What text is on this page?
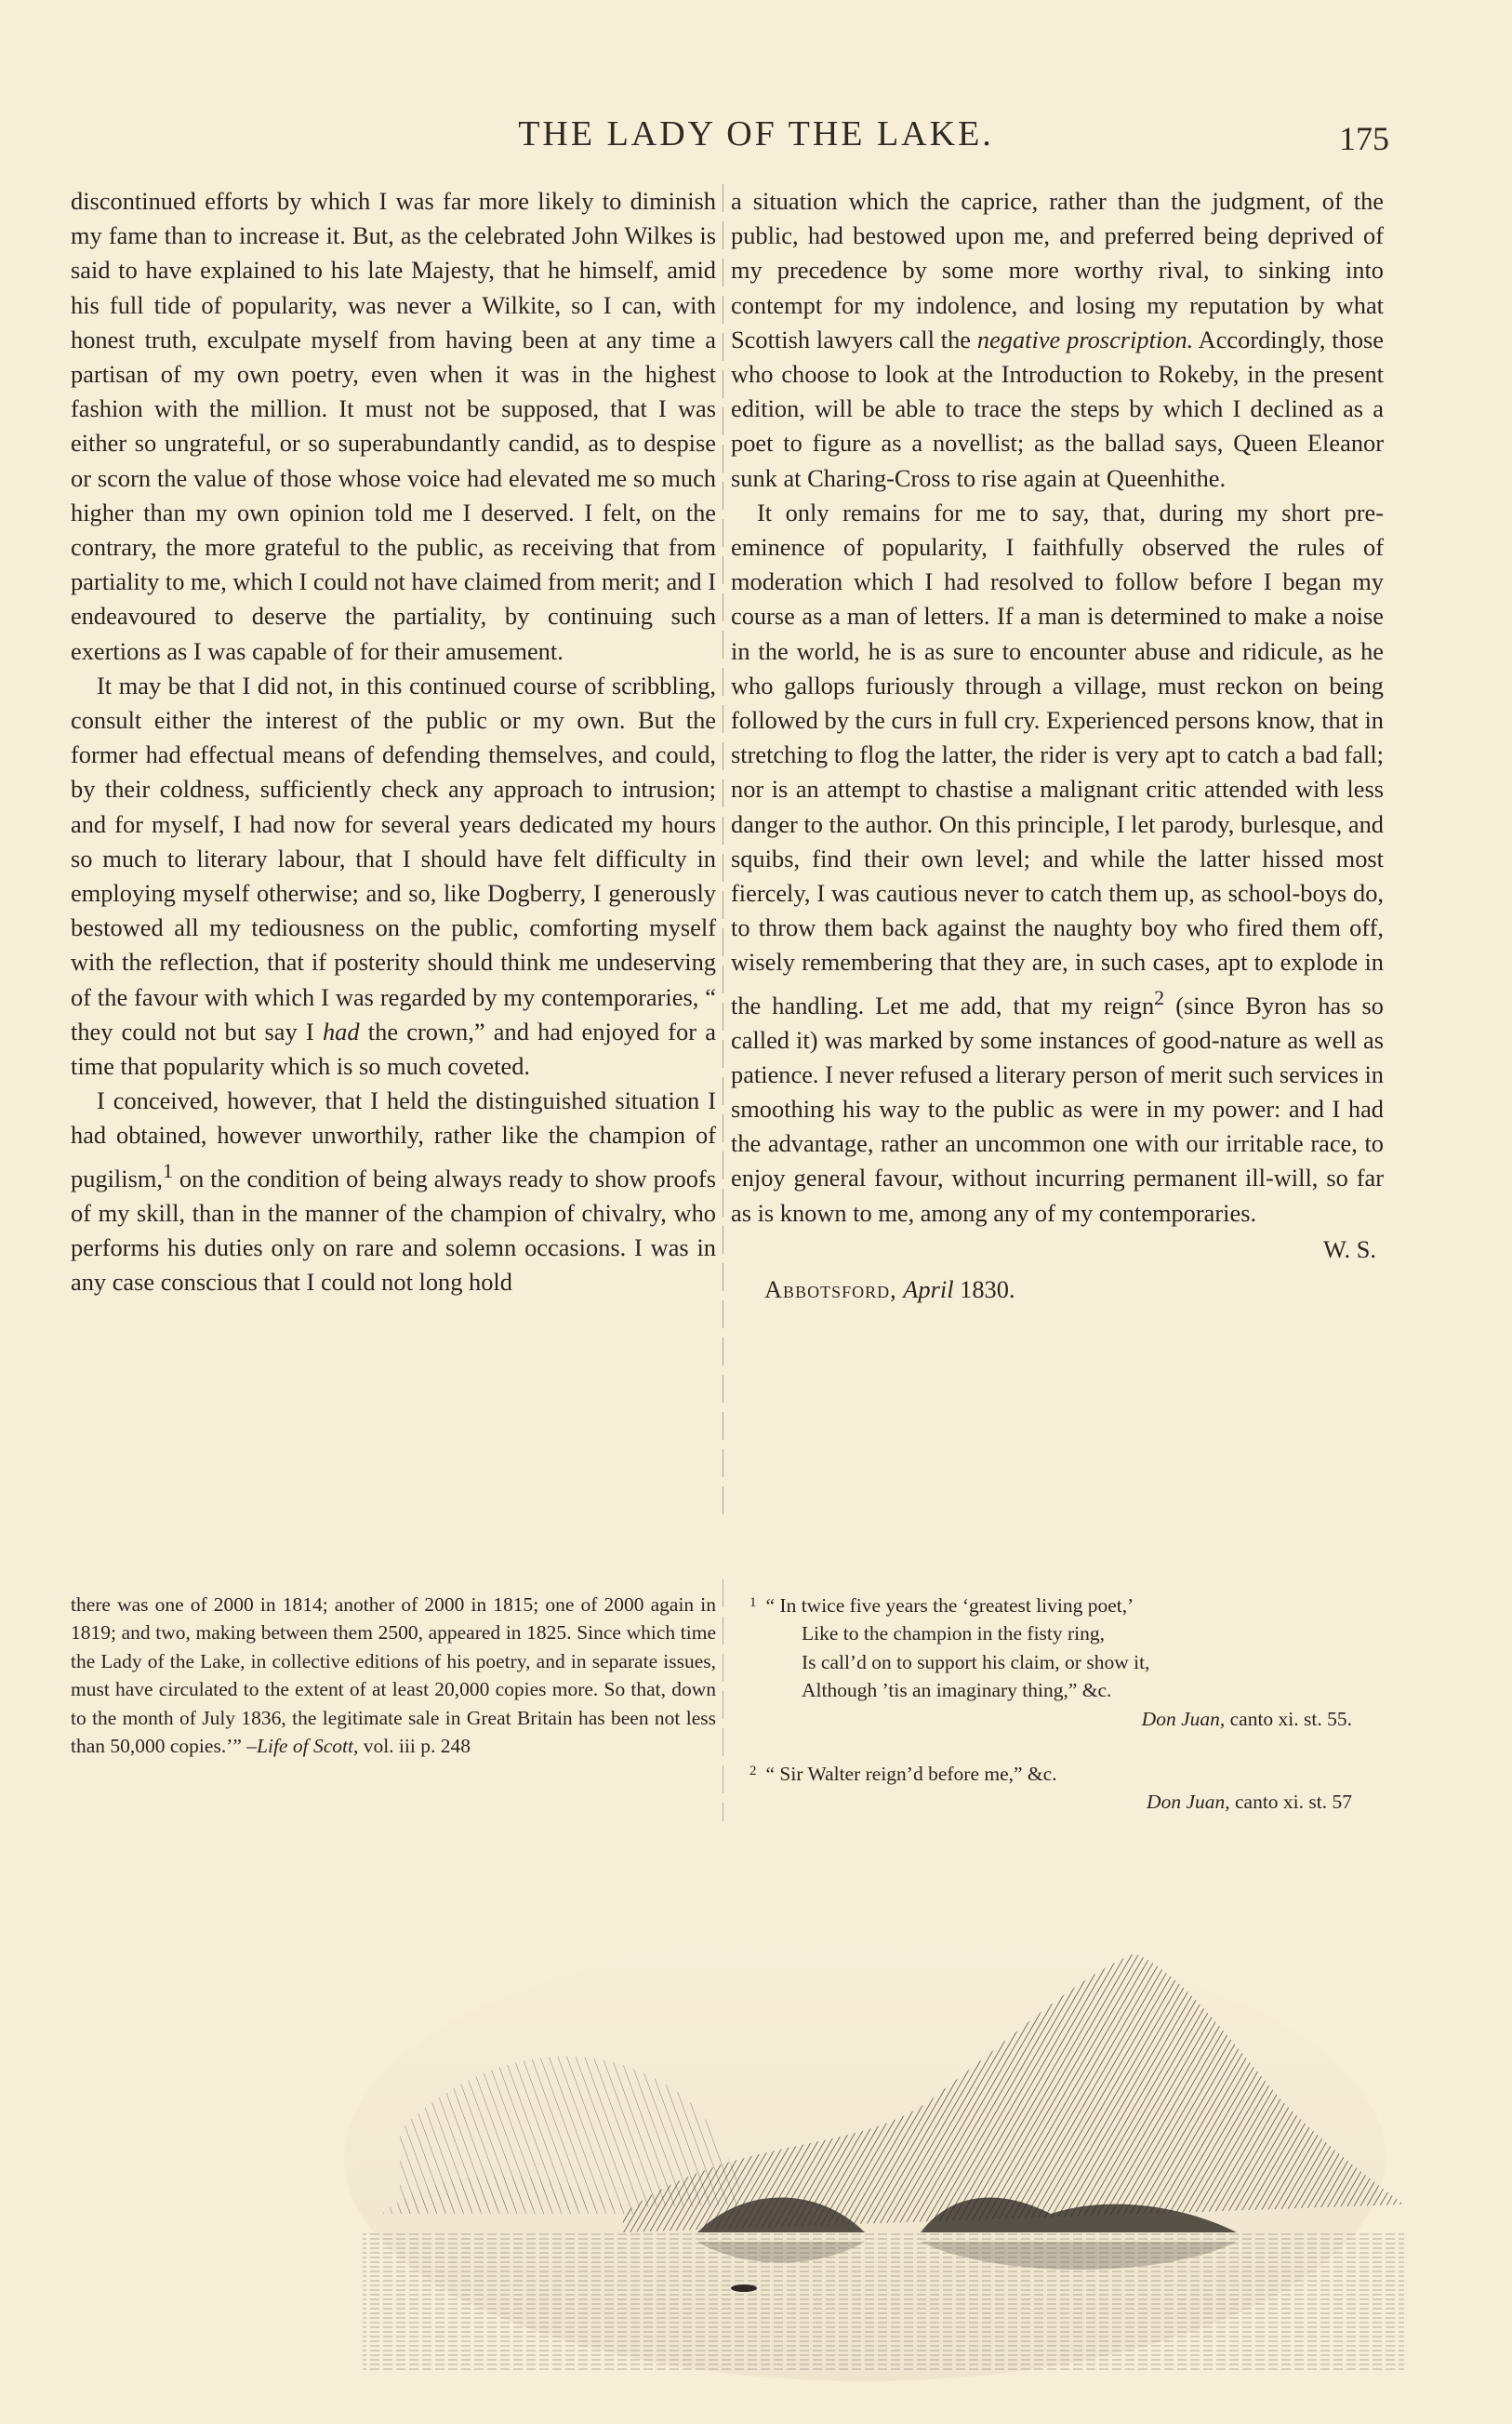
THE LADY OF THE LAKE.	175

discontinued efforts by which I was far more likely to diminish my fame than to increase it. But, as the celebrated John Wilkes is said to have explained to his late Majesty, that he himself, amid his full tide of popularity, was never a Wilkite, so I can, with honest truth, exculpate myself from having been at any time a partisan of my own poetry, even when it was in the highest fashion with the million. It must not be supposed, that I was either so ungrateful, or so superabundantly candid, as to despise or scorn the value of those whose voice had elevated me so much higher than my own opinion told me I deserved. I felt, on the contrary, the more grateful to the public, as receiving that from partiality to me, which I could not have claimed from merit; and I endeavoured to deserve the partiality, by continuing such exertions as I was capable of for their amusement.

It may be that I did not, in this continued course of scribbling, consult either the interest of the public or my own. But the former had effectual means of defending themselves, and could, by their coldness, sufficiently check any approach to intrusion; and for myself, I had now for several years dedicated my hours so much to literary labour, that I should have felt difficulty in employing myself otherwise; and so, like Dogberry, I generously bestowed all my tediousness on the public, comforting myself with the reflection, that if posterity should think me undeserving of the favour with which I was regarded by my contemporaries, “ they could not but say I had the crown,” and had enjoyed for a time that popularity which is so much coveted.

I conceived, however, that I held the distinguished situation I had obtained, however unworthily, rather like the champion of pugilism,$^1$ on the condition of being always ready to show proofs of my skill, than in the manner of the champion of chivalry, who performs his duties only on rare and solemn occasions. I was in any case conscious that I could not long hold

a situation which the caprice, rather than the judgment, of the public, had bestowed upon me, and preferred being deprived of my precedence by some more worthy rival, to sinking into contempt for my indolence, and losing my reputation by what Scottish lawyers call the negative proscription. Accordingly, those who choose to look at the Introduction to Rokeby, in the present edition, will be able to trace the steps by which I declined as a poet to figure as a novellist; as the ballad says, Queen Eleanor sunk at Charing-Cross to rise again at Queenhithe.

It only remains for me to say, that, during my short pre-eminence of popularity, I faithfully observed the rules of moderation which I had resolved to follow before I began my course as a man of letters. If a man is determined to make a noise in the world, he is as sure to encounter abuse and ridicule, as he who gallops furiously through a village, must reckon on being followed by the curs in full cry. Experienced persons know, that in stretching to flog the latter, the rider is very apt to catch a bad fall; nor is an attempt to chastise a malignant critic attended with less danger to the author. On this principle, I let parody, burlesque, and squibs, find their own level; and while the latter hissed most fiercely, I was cautious never to catch them up, as school-boys do, to throw them back against the naughty boy who fired them off, wisely remembering that they are, in such cases, apt to explode in the handling. Let me add, that my reign$^2$ (since Byron has so called it) was marked by some instances of good-nature as well as patience. I never refused a literary person of merit such services in smoothing his way to the public as were in my power: and I had the advantage, rather an uncommon one with our irritable race, to enjoy general favour, without incurring permanent ill-will, so far as is known to me, among any of my contemporaries.

W. S.
Abbotsford, April 1830.
there was one of 2000 in 1814; another of 2000 in 1815; one of 2000 again in 1819; and two, making between them 2500, appeared in 1825. Since which time the Lady of the Lake, in collective editions of his poetry, and in separate issues, must have circulated to the extent of at least 20,000 copies more. So that, down to the month of July 1836, the legitimate sale in Great Britain has been not less than 50,000 copies.’” –Life of Scott, vol. iii p. 248
$^1$ “ In twice five years the ‘greatest living poet,’
Like to the champion in the fisty ring,
Is call’d on to support his claim, or show it,
Although ’tis an imaginary thing,” &c.
Don Juan, canto xi. st. 55.
$^2$ “ Sir Walter reign’d before me,” &c.
Don Juan, canto xi. st. 57
